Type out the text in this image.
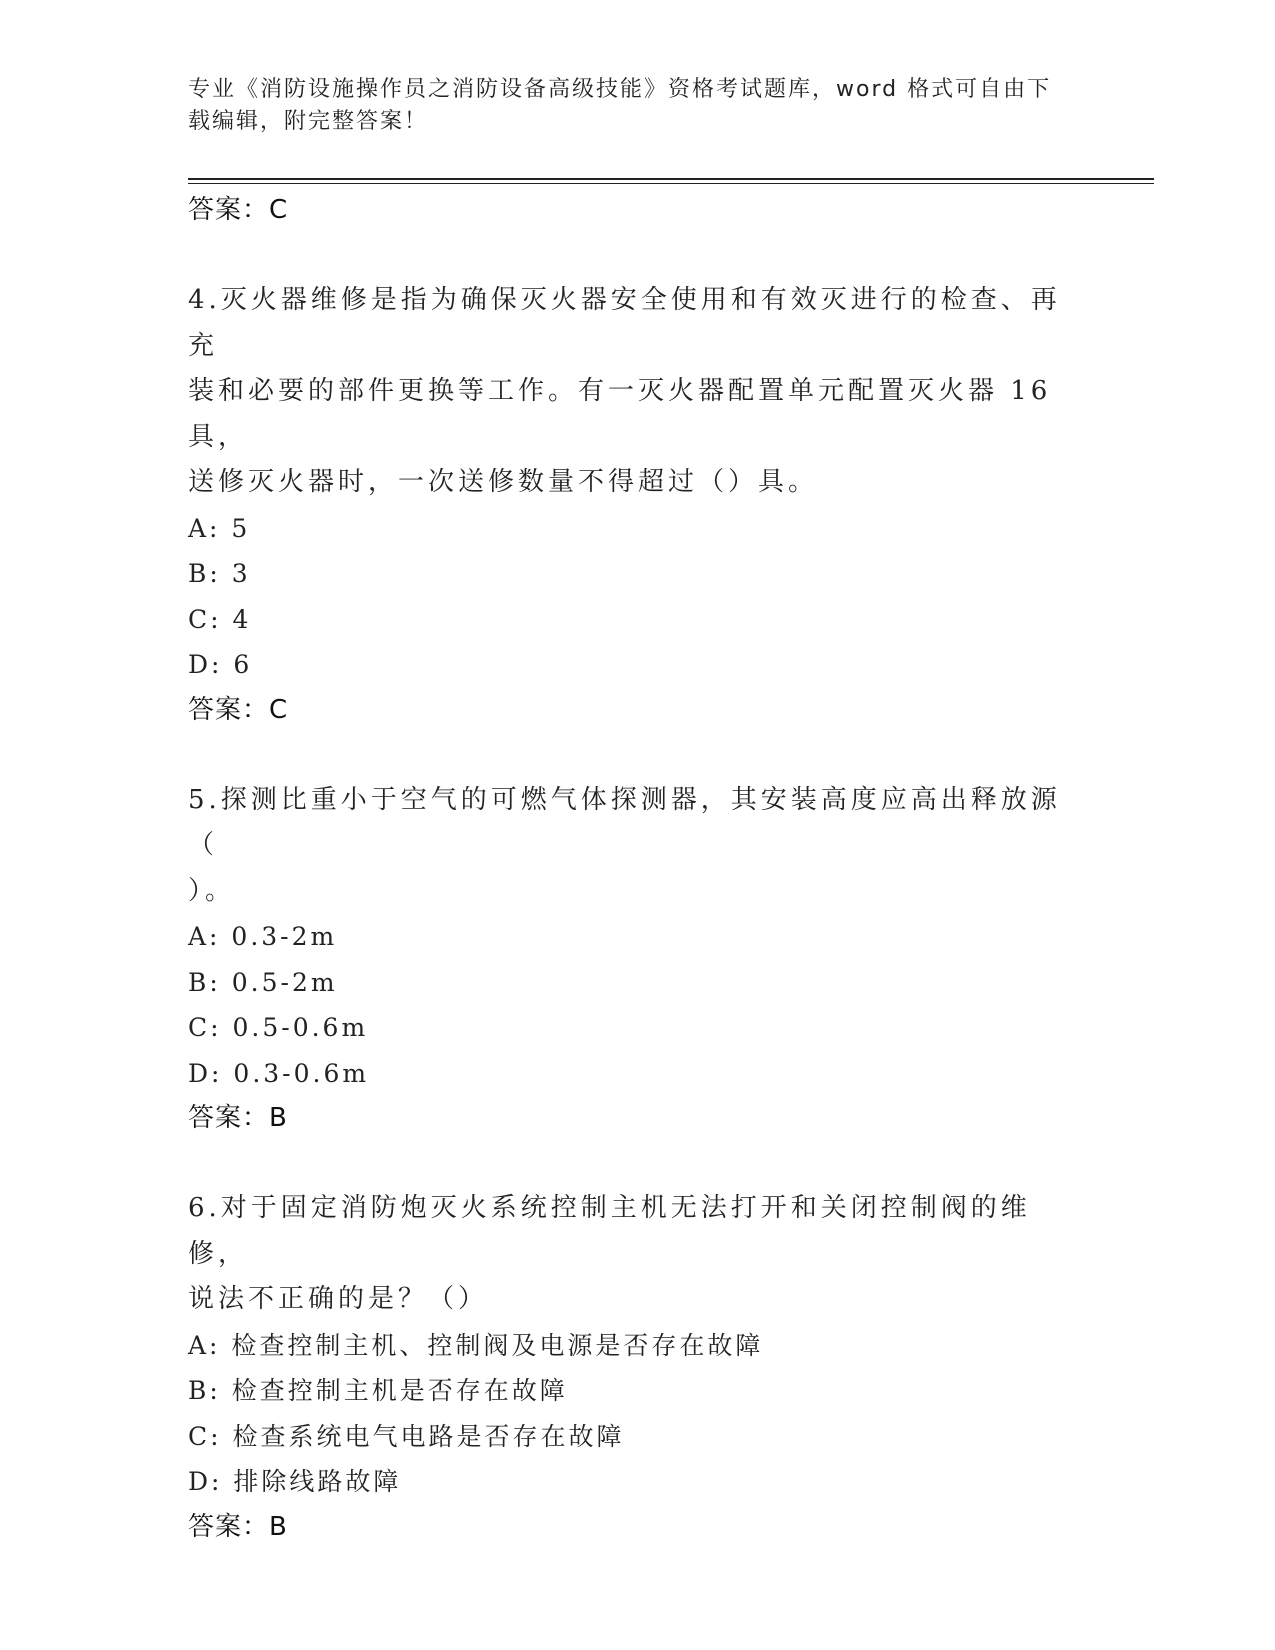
专业《消防设施操作员之消防设备高级技能》资格考试题库，word 格式可自由下
载编辑，附完整答案！
答案：C
4.灭火器维修是指为确保灭火器安全使用和有效灭进行的检查、再充
装和必要的部件更换等工作。有一灭火器配置单元配置灭火器 16 具，
送修灭火器时，一次送修数量不得超过（）具。
A: 5
B: 3
C: 4
D: 6
答案：C
5.探测比重小于空气的可燃气体探测器，其安装高度应高出释放源（
）。
A: 0.3-2m
B: 0.5-2m
C: 0.5-0.6m
D: 0.3-0.6m
答案：B
6.对于固定消防炮灭火系统控制主机无法打开和关闭控制阀的维修，
说法不正确的是？（）
A: 检查控制主机、控制阀及电源是否存在故障
B: 检查控制主机是否存在故障
C: 检查系统电气电路是否存在故障
D: 排除线路故障
答案：B
